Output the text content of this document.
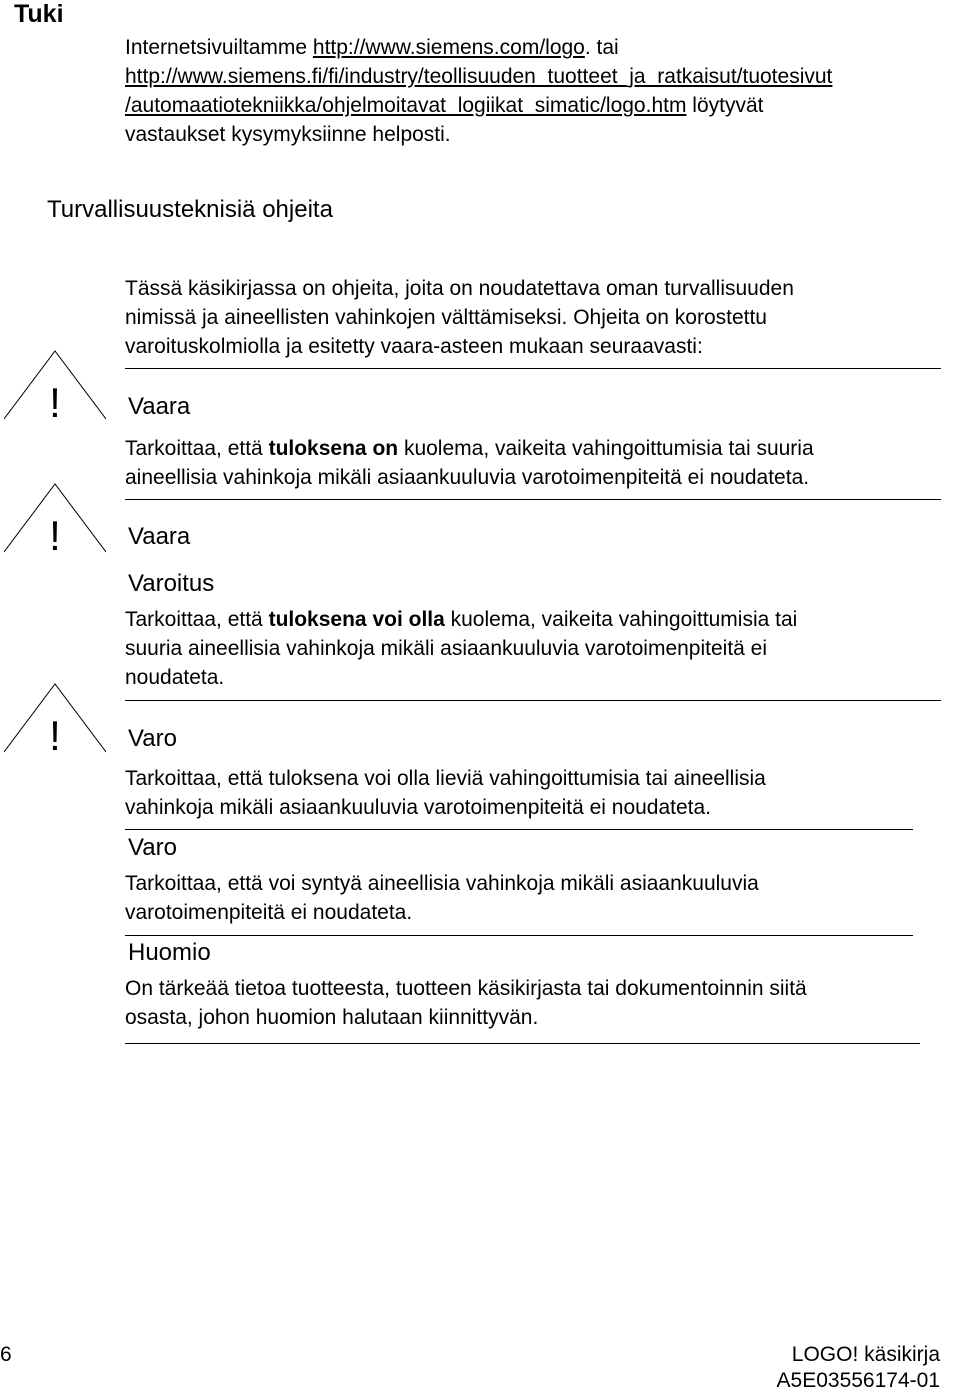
Tuki
Internetsivuiltamme http://www.siemens.com/logo. tai
http://www.siemens.fi/fi/industry/teollisuuden_tuotteet_ja_ratkaisut/tuotesivut
/automaatiotekniikka/ohjelmoitavat_logiikat_simatic/logo.htm löytyvät
vastaukset kysymyksiinne helposti.
Turvallisuusteknisiä ohjeita
Tässä käsikirjassa on ohjeita, joita on noudatettava oman turvallisuuden
nimissä ja aineellisten vahinkojen välttämiseksi. Ohjeita on korostettu
varoituskolmiolla ja esitetty vaara-asteen mukaan seuraavasti:
!
!
!
Vaara
Tarkoittaa, että tuloksena on kuolema, vaikeita vahingoittumisia tai suuria
aineellisia vahinkoja mikäli asiaankuuluvia varotoimenpiteitä ei noudateta.
Vaara
Varoitus
Tarkoittaa, että tuloksena voi olla kuolema, vaikeita vahingoittumisia tai
suuria aineellisia vahinkoja mikäli asiaankuuluvia varotoimenpiteitä ei
noudateta.
Varo
Tarkoittaa, että tuloksena voi olla lieviä vahingoittumisia tai aineellisia
vahinkoja mikäli asiaankuuluvia varotoimenpiteitä ei noudateta.
Varo
Tarkoittaa, että voi syntyä aineellisia vahinkoja mikäli asiaankuuluvia
varotoimenpiteitä ei noudateta.
Huomio
On tärkeää tietoa tuotteesta, tuotteen käsikirjasta tai dokumentoinnin siitä
osasta, johon huomion halutaan kiinnittyvän.
6	LOGO! käsikirja
A5E03556174-01
